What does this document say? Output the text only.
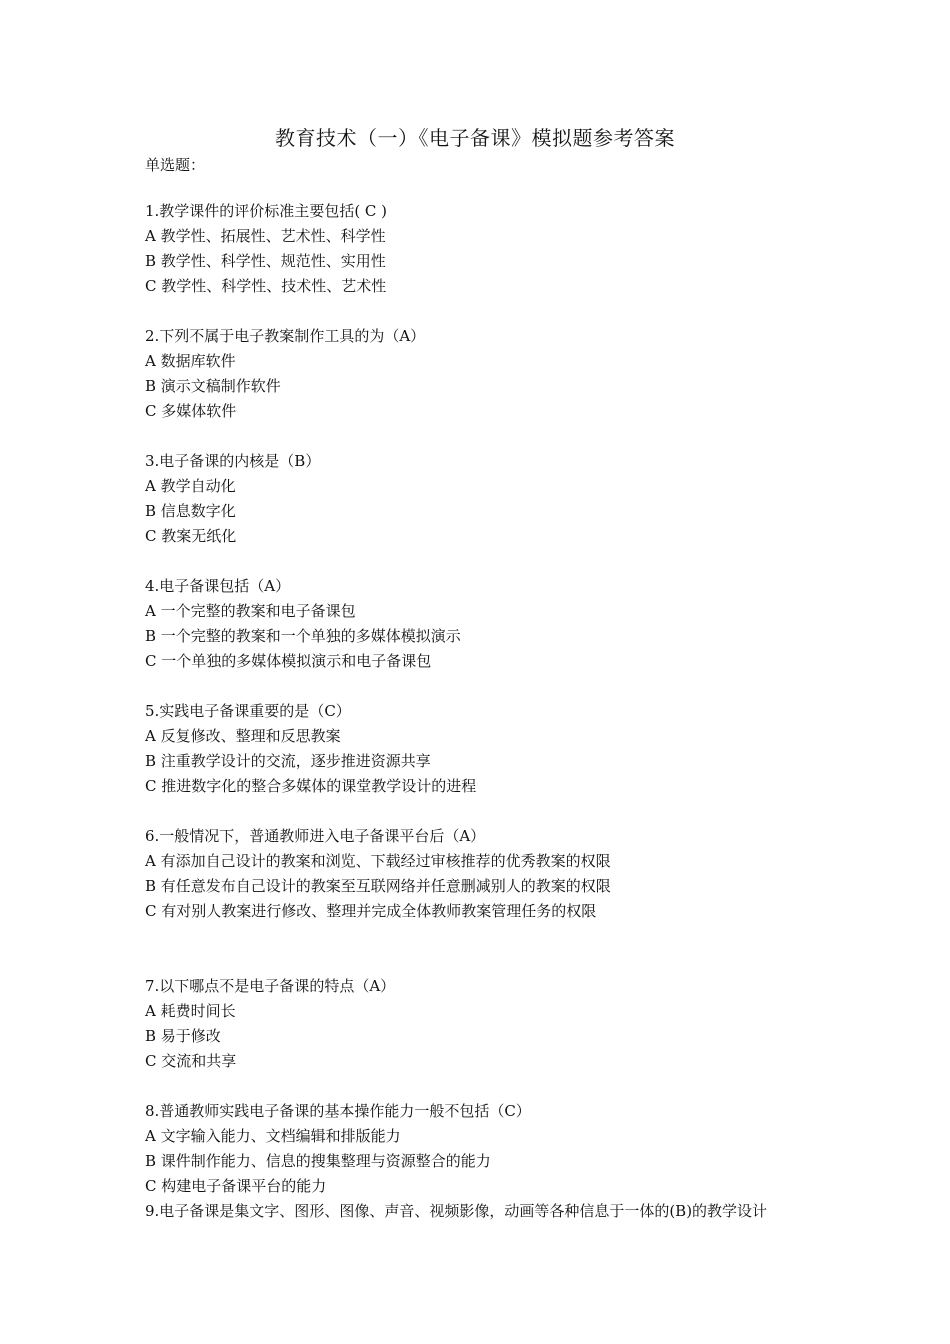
教育技术（一）《电子备课》模拟题参考答案

单选题：

1.教学课件的评价标准主要包括( C )

A 教学性、拓展性、艺术性、科学性

B 教学性、科学性、规范性、实用性

C 教学性、科学性、技术性、艺术性

2.下列不属于电子教案制作工具的为（A）

A 数据库软件

B 演示文稿制作软件

C 多媒体软件

3.电子备课的内核是（B）

A 教学自动化

B 信息数字化

C 教案无纸化

4.电子备课包括（A）

A 一个完整的教案和电子备课包

B 一个完整的教案和一个单独的多媒体模拟演示

C 一个单独的多媒体模拟演示和电子备课包

5.实践电子备课重要的是（C）

A 反复修改、整理和反思教案

B 注重教学设计的交流，逐步推进资源共享

C 推进数字化的整合多媒体的课堂教学设计的进程

6.一般情况下，普通教师进入电子备课平台后（A）

A 有添加自己设计的教案和浏览、下载经过审核推荐的优秀教案的权限

B 有任意发布自己设计的教案至互联网络并任意删减别人的教案的权限

C 有对别人教案进行修改、整理并完成全体教师教案管理任务的权限

7.以下哪点不是电子备课的特点（A）

A 耗费时间长

B 易于修改

C 交流和共享

8.普通教师实践电子备课的基本操作能力一般不包括（C）

A 文字输入能力、文档编辑和排版能力

B 课件制作能力、信息的搜集整理与资源整合的能力

C 构建电子备课平台的能力

9.电子备课是集文字、图形、图像、声音、视频影像，动画等各种信息于一体的(B)的教学设计
